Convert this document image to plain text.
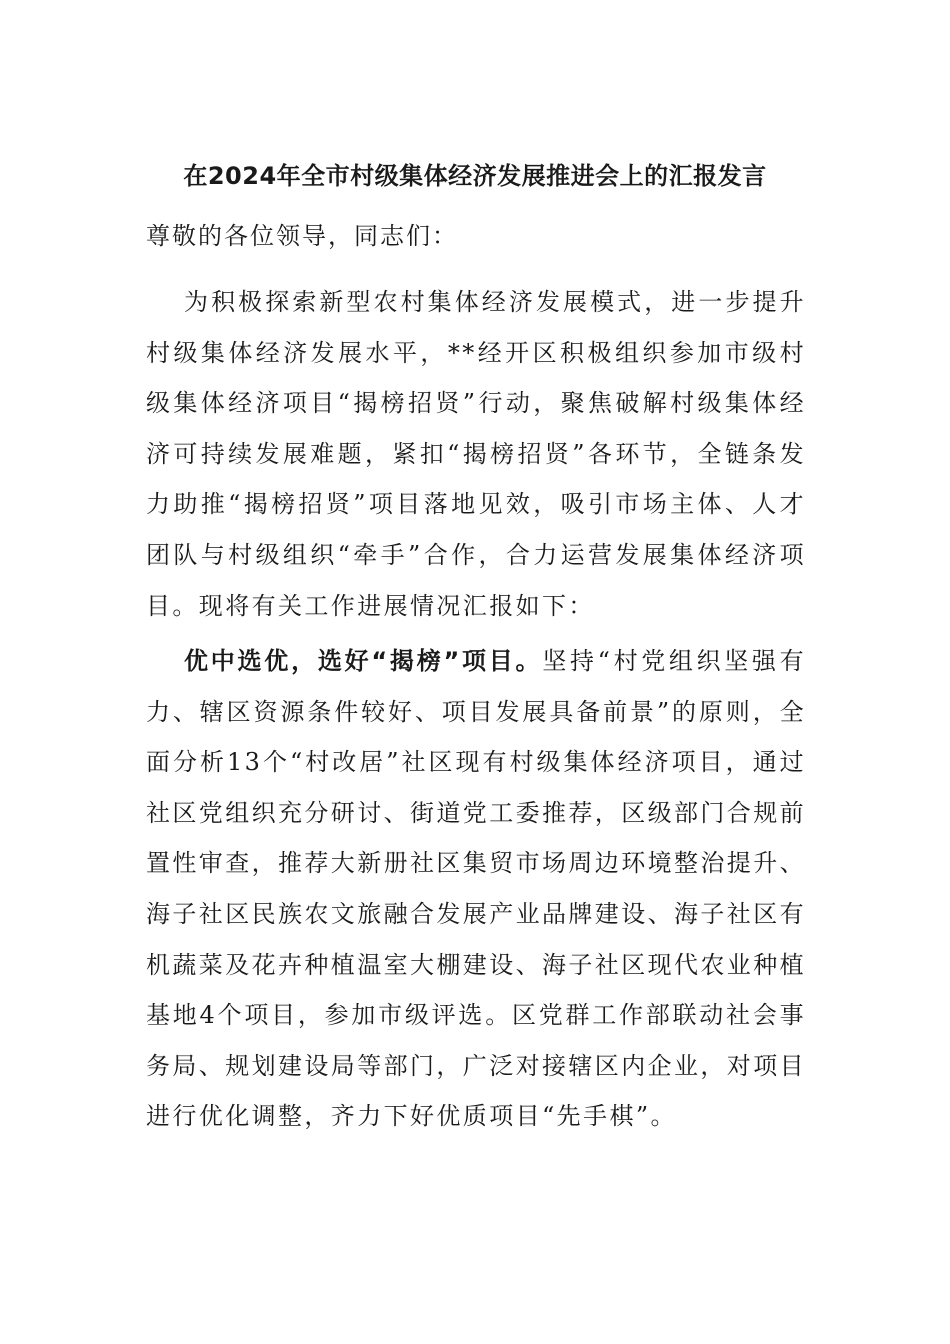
在2024年全市村级集体经济发展推进会上的汇报发言
尊敬的各位领导，同志们：

为积极探索新型农村集体经济发展模式，进一步提升村级集体经济发展水平，**经开区积极组织参加市级村级集体经济项目“揭榜招贤”行动，聚焦破解村级集体经济可持续发展难题，紧扣“揭榜招贤”各环节，全链条发力助推“揭榜招贤”项目落地见效，吸引市场主体、人才团队与村级组织“牵手”合作，合力运营发展集体经济项目。现将有关工作进展情况汇报如下：

优中选优，选好“揭榜”项目。坚持“村党组织坚强有力、辖区资源条件较好、项目发展具备前景”的原则，全面分析13个“村改居”社区现有村级集体经济项目，通过社区党组织充分研讨、街道党工委推荐，区级部门合规前置性审查，推荐大新册社区集贸市场周边环境整治提升、海子社区民族农文旅融合发展产业品牌建设、海子社区有机蔬菜及花卉种植温室大棚建设、海子社区现代农业种植基地4个项目，参加市级评选。区党群工作部联动社会事务局、规划建设局等部门，广泛对接辖区内企业，对项目进行优化调整，齐力下好优质项目“先手棋”。
